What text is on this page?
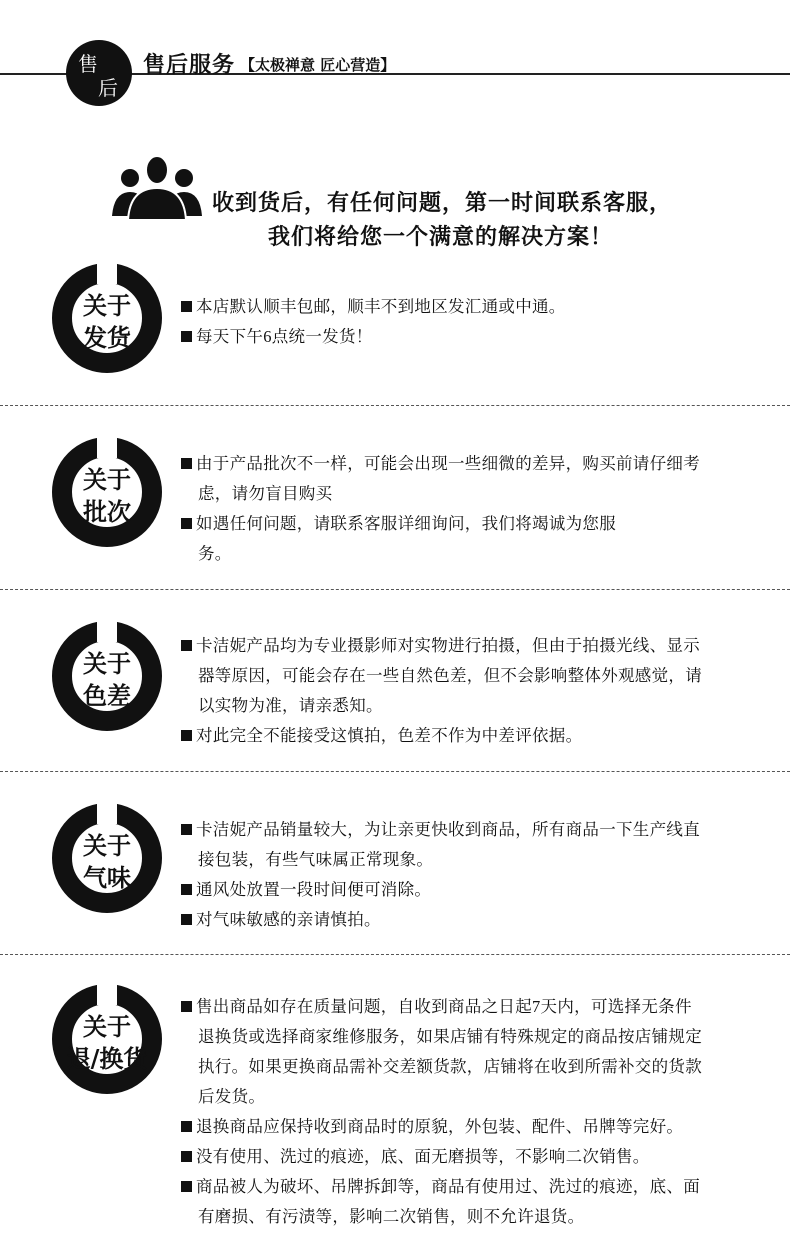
售
后
售后服务 【太极禅意 匠心营造】
收到货后，有任何问题，第一时间联系客服，
我们将给您一个满意的解决方案！
关于
发货
本店默认顺丰包邮，顺丰不到地区发汇通或中通。
每天下午6点统一发货！
关于
批次
由于产品批次不一样，可能会出现一些细微的差异，购买前请仔细考
虑，请勿盲目购买
如遇任何问题，请联系客服详细询问，我们将竭诚为您服
务。
关于
色差
卡洁妮产品均为专业摄影师对实物进行拍摄，但由于拍摄光线、显示
器等原因，可能会存在一些自然色差，但不会影响整体外观感觉，请
以实物为准，请亲悉知。
对此完全不能接受这慎拍，色差不作为中差评依据。
关于
气味
卡洁妮产品销量较大，为让亲更快收到商品，所有商品一下生产线直
接包装，有些气味属正常现象。
通风处放置一段时间便可消除。
对气味敏感的亲请慎拍。
关于
退/换货
售出商品如存在质量问题，自收到商品之日起7天内，可选择无条件
退换货或选择商家维修服务，如果店铺有特殊规定的商品按店铺规定
执行。如果更换商品需补交差额货款，店铺将在收到所需补交的货款
后发货。
退换商品应保持收到商品时的原貌，外包装、配件、吊牌等完好。
没有使用、洗过的痕迹，底、面无磨损等，不影响二次销售。
商品被人为破坏、吊牌拆卸等，商品有使用过、洗过的痕迹，底、面
有磨损、有污渍等，影响二次销售，则不允许退货。
